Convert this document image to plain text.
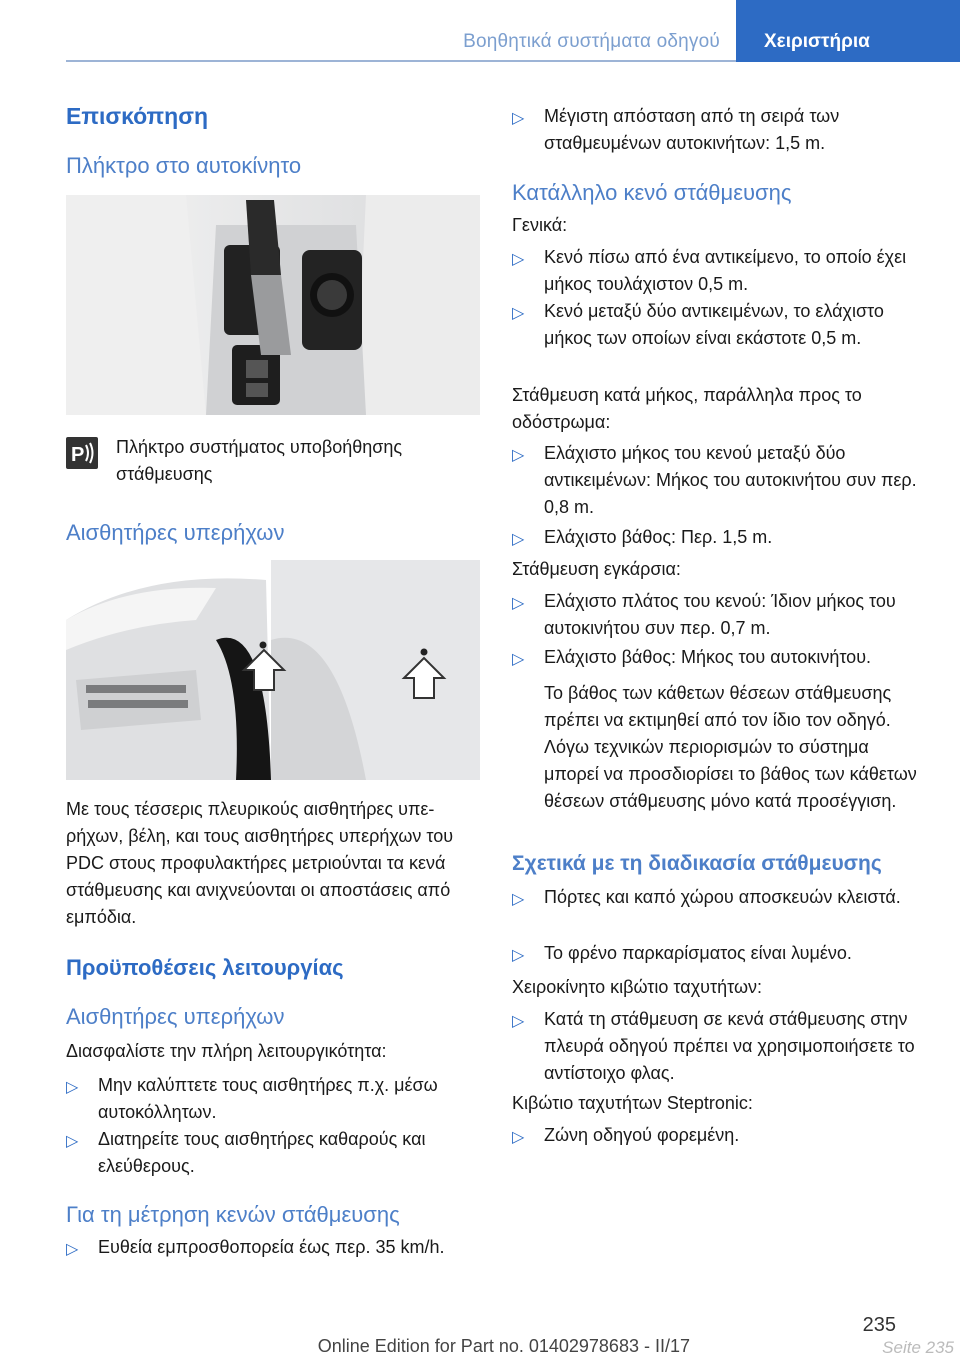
Βοηθητικά συστήματα οδηγού Χειριστήρια
Επισκόπηση
Πλήκτρο στο αυτοκίνητο
P Πλήκτρο συστήματος υποβοήθησης στάθμευσης
Αισθητήρες υπερήχων
Με τους τέσσερις πλευρικούς αισθητήρες υπερήχων, βέλη, και τους αισθητήρες υπερήχων του PDC στους προφυλακτήρες μετριούνται τα κενά στάθμευσης και ανιχνεύονται οι αποστάσεις από εμπόδια.
Προϋποθέσεις λειτουργίας
Αισθητήρες υπερήχων
Διασφαλίστε την πλήρη λειτουργικότητα:
▷ Μην καλύπτετε τους αισθητήρες π.χ. μέσω αυτοκόλλητων.
▷ Διατηρείτε τους αισθητήρες καθαρούς και ελεύθερους.
Για τη μέτρηση κενών στάθμευσης
▷ Ευθεία εμπροσθοπορεία έως περ. 35 km/h.
▷ Μέγιστη απόσταση από τη σειρά των σταθμευμένων αυτοκινήτων: 1,5 m.
Κατάλληλο κενό στάθμευσης
Γενικά:
▷ Κενό πίσω από ένα αντικείμενο, το οποίο έχει μήκος τουλάχιστον 0,5 m.
▷ Κενό μεταξύ δύο αντικειμένων, το ελάχιστο μήκος των οποίων είναι εκάστοτε 0,5 m.
Στάθμευση κατά μήκος, παράλληλα προς το οδόστρωμα:
▷ Ελάχιστο μήκος του κενού μεταξύ δύο αντικειμένων: Μήκος του αυτοκινήτου συν περ. 0,8 m.
▷ Ελάχιστο βάθος: Περ. 1,5 m.
Στάθμευση εγκάρσια:
▷ Ελάχιστο πλάτος του κενού: Ίδιον μήκος του αυτοκινήτου συν περ. 0,7 m.
▷ Ελάχιστο βάθος: Μήκος του αυτοκινήτου.
Το βάθος των κάθετων θέσεων στάθμευσης πρέπει να εκτιμηθεί από τον ίδιο τον οδηγό. Λόγω τεχνικών περιορισμών το σύστημα μπορεί να προσδιορίσει το βάθος των κάθετων θέσεων στάθμευσης μόνο κατά προσέγγιση.
Σχετικά με τη διαδικασία στάθμευσης
▷ Πόρτες και καπό χώρου αποσκευών κλειστά.
▷ Το φρένο παρκαρίσματος είναι λυμένο.
Χειροκίνητο κιβώτιο ταχυτήτων:
▷ Κατά τη στάθμευση σε κενά στάθμευσης στην πλευρά οδηγού πρέπει να χρησιμοποιήσετε το αντίστοιχο φλας.
Κιβώτιο ταχυτήτων Steptronic:
▷ Ζώνη οδηγού φορεμένη.
235
Online Edition for Part no. 01402978683 - II/17	Seite 235
